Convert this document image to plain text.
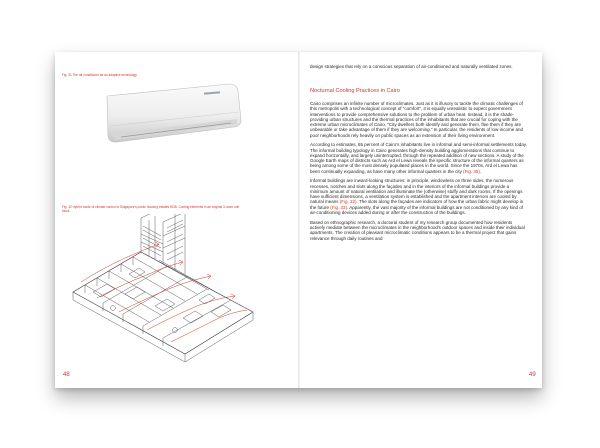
Fig. 31 The air conditioner as an adaptive technology
Fig. 32 Hybrid mode of climate control in Singapore's public housing estates HDB. Cooling elements in an original 3-room unit block.
48

design strategies that rely on a conscious separation of air-conditioned and naturally ventilated zones.

Nocturnal Cooling Practices in Cairo

Cairo comprises an infinite number of microclimates. Just as it is illusory to tackle the climatic challenges of this metropolis with a technological concept of "comfort", it is equally unrealistic to expect government interventions to provide comprehensive solutions to the problem of urban heat. Instead, it is the shade-providing urban structures and the thermal practices of the inhabitants that are crucial for coping with the extreme urban microclimates of Cairo. "City dwellers both identify and generate them, flee them if they are unbearable or take advantage of them if they are welcoming." In particular, the residents of low-income and poor neighborhoods rely heavily on public spaces as an extension of their living environment.

According to estimates, 65 percent of Cairo's inhabitants live in informal and semi-informal settlements today. The informal building typology in Cairo generates high-density building agglomerations that continue to expand horizontally, and largely uninterrupted, through the repeated addition of new sections. A study of the Google Earth maps of districts such as Ard el Lewa reveals the specific structure of the informal quarters as being among some of the most densely populated places in the world. Since the 1970s, Ard el Lewa has been continually expanding, as have many other informal quarters in the city (Fig. 35).

Informal buildings are inward-looking structures: in principle, windowless on three sides, the numerous recesses, notches and slots along the façades and in the interiors of the informal buildings provide a minimum amount of natural ventilation and illuminate the (otherwise) stuffy and dark rooms. If the openings have sufficient dimensions, a ventilation system is established and the apartment interiors are cooled by natural means (Fig. 32). The slots along the façades are indicators of how the urban fabric might develop in the future (Fig. 33). Apparently, the vast majority of the informal buildings are not conditioned by any kind of air-conditioning devices added during or after the construction of the buildings.

Based on ethnographic research, a doctoral student of my research group documented how residents actively mediate between the microclimates in the neighborhood's outdoor spaces and inside their individual apartments. The creation of pleasant microclimatic conditions appears to be a thermal project that gains relevance through daily routines and

49
